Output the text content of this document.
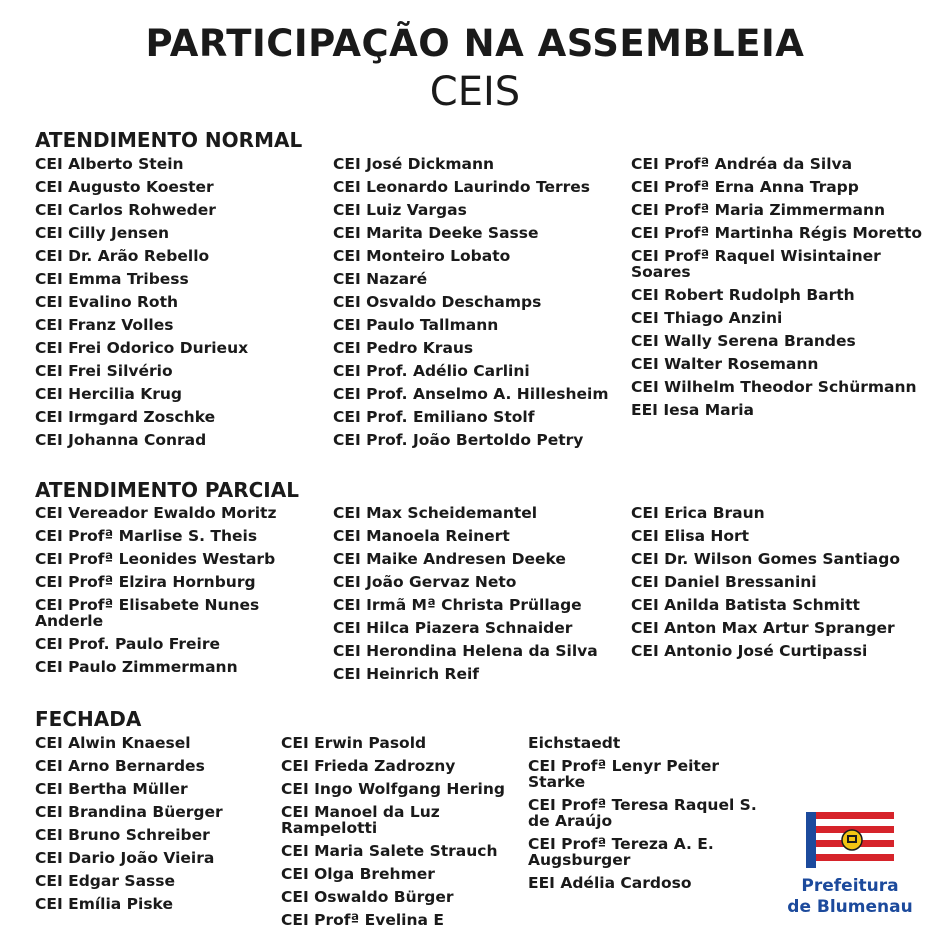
PARTICIPAÇÃO NA ASSEMBLEIA
CEIS
ATENDIMENTO NORMAL
CEI Alberto Stein
CEI Augusto Koester
CEI Carlos Rohweder
CEI Cilly Jensen
CEI Dr. Arão Rebello
CEI Emma Tribess
CEI Evalino Roth
CEI Franz Volles
CEI Frei Odorico Durieux
CEI Frei Silvério
CEI Hercilia Krug
CEI Irmgard Zoschke
CEI Johanna Conrad
CEI José Dickmann
CEI Leonardo Laurindo Terres
CEI Luiz Vargas
CEI Marita Deeke Sasse
CEI Monteiro Lobato
CEI Nazaré
CEI Osvaldo Deschamps
CEI Paulo Tallmann
CEI Pedro Kraus
CEI Prof. Adélio Carlini
CEI Prof. Anselmo A. Hillesheim
CEI Prof. Emiliano Stolf
CEI Prof. João Bertoldo Petry
CEI Profª Andréa da Silva
CEI Profª Erna Anna Trapp
CEI Profª Maria Zimmermann
CEI Profª Martinha Régis Moretto
CEI Profª Raquel Wisintainer
Soares
CEI Robert Rudolph Barth
CEI Thiago Anzini
CEI Wally Serena Brandes
CEI Walter Rosemann
CEI Wilhelm Theodor Schürmann
EEI Iesa Maria
ATENDIMENTO PARCIAL
CEI Vereador Ewaldo Moritz
CEI Profª Marlise S. Theis
CEI Profª Leonides Westarb
CEI Profª Elzira Hornburg
CEI Profª Elisabete Nunes
Anderle
CEI Prof. Paulo Freire
CEI Paulo Zimmermann
CEI Max Scheidemantel
CEI Manoela Reinert
CEI Maike Andresen Deeke
CEI João Gervaz Neto
CEI Irmã Mª Christa Prüllage
CEI Hilca Piazera Schnaider
CEI Herondina Helena da Silva
CEI Heinrich Reif
CEI Erica Braun
CEI Elisa Hort
CEI Dr. Wilson Gomes Santiago
CEI Daniel Bressanini
CEI Anilda Batista Schmitt
CEI Anton Max Artur Spranger
CEI Antonio José Curtipassi
FECHADA
CEI Alwin Knaesel
CEI Arno Bernardes
CEI Bertha Müller
CEI Brandina Büerger
CEI Bruno Schreiber
CEI Dario João Vieira
CEI Edgar Sasse
CEI Emília Piske
CEI Erwin Pasold
CEI Frieda Zadrozny
CEI Ingo Wolfgang Hering
CEI Manoel da Luz
Rampelotti
CEI Maria Salete Strauch
CEI Olga Brehmer
CEI Oswaldo Bürger
CEI Profª Evelina E
Eichstaedt
CEI Profª Lenyr Peiter
Starke
CEI Profª Teresa Raquel S.
de Araújo
CEI Profª Tereza A. E.
Augsburger
EEI Adélia Cardoso	Prefeitura
de Blumenau
